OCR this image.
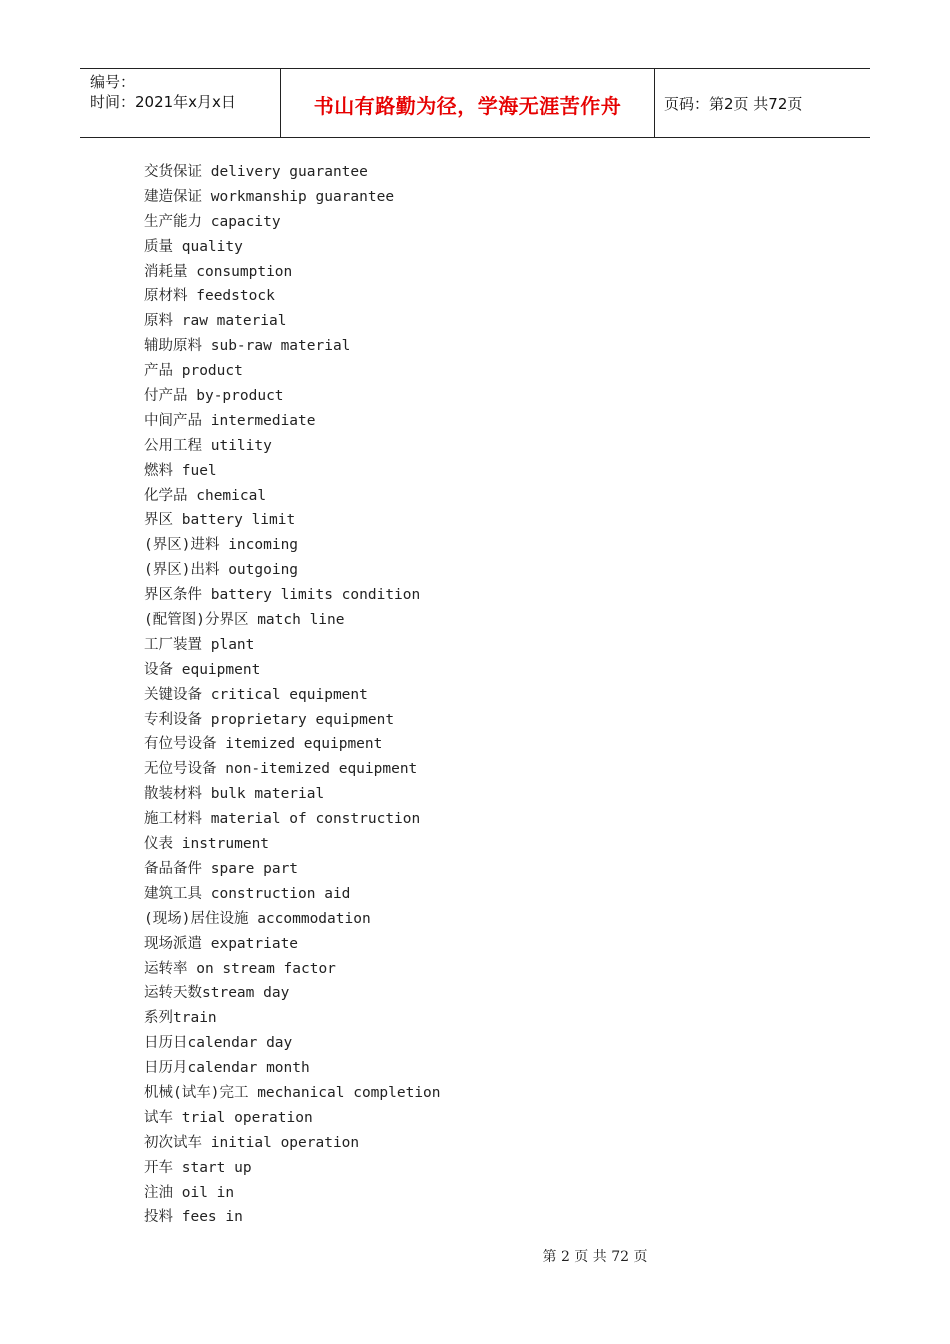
编号：
时间：2021年x月x日	书山有路勤为径，学海无涯苦作舟	页码：第2页 共72页
交货保证 delivery guarantee
建造保证 workmanship guarantee
生产能力 capacity
质量 quality
消耗量 consumption
原材料 feedstock
原料 raw material
辅助原料 sub-raw material
产品 product
付产品 by-product
中间产品 intermediate
公用工程 utility
燃料 fuel
化学品 chemical
界区 battery limit
(界区)进料 incoming
(界区)出料 outgoing
界区条件 battery limits condition
(配管图)分界区 match line
工厂装置 plant
设备 equipment
关键设备 critical equipment
专利设备 proprietary equipment
有位号设备 itemized equipment
无位号设备 non-itemized equipment
散装材料 bulk material
施工材料 material of construction
仪表 instrument
备品备件 spare part
建筑工具 construction aid
(现场)居住设施 accommodation
现场派遣 expatriate
运转率 on stream factor
运转天数stream day
系列train
日历日calendar day
日历月calendar month
机械(试车)完工 mechanical completion
试车 trial operation
初次试车 initial operation
开车 start up
注油 oil in
投料 fees in
第 2 页 共 72 页
